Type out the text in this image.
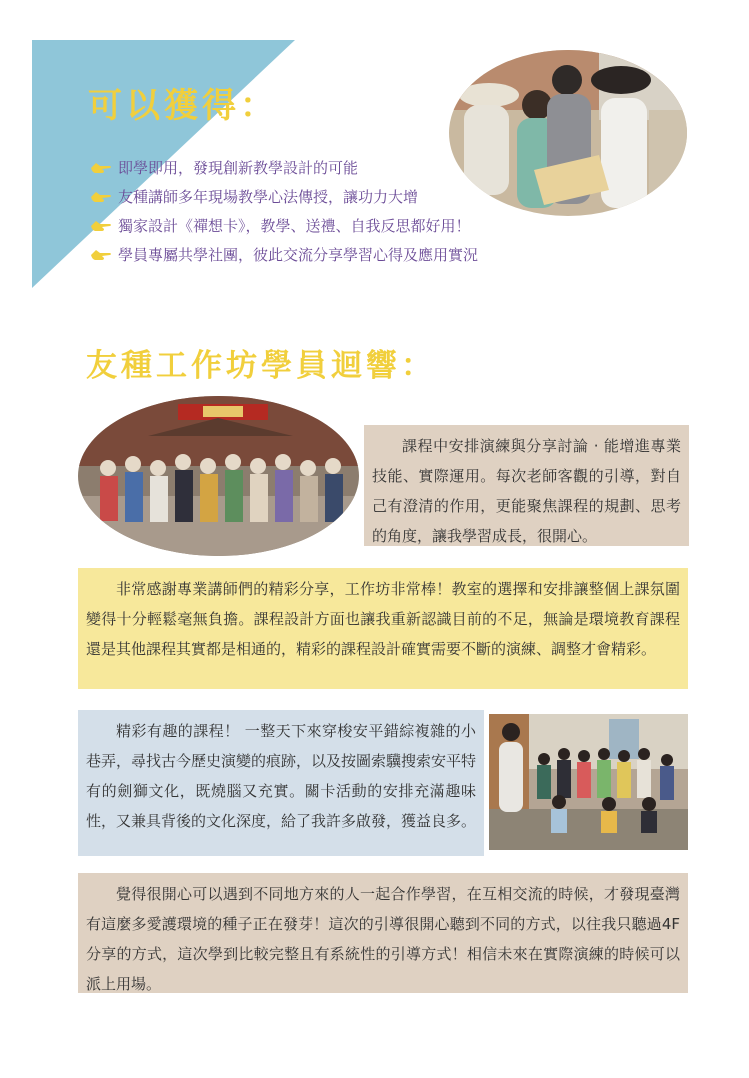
可以獲得：
即學即用，發現創新教學設計的可能
友種講師多年現場教學心法傳授，讓功力大增
獨家設計《禪想卡》，教學、送禮、自我反思都好用！
學員專屬共學社團，彼此交流分享學習心得及應用實況
友種工作坊學員迴響：

課程中安排演練與分享討論 · 能增進專業技能、實際運用。每次老師客觀的引導，對自己有澄清的作用，更能聚焦課程的規劃、思考的角度，讓我學習成長，很開心。

非常感謝專業講師們的精彩分享，工作坊非常棒！教室的選擇和安排讓整個上課氛圍變得十分輕鬆毫無負擔。課程設計方面也讓我重新認識目前的不足，無論是環境教育課程還是其他課程其實都是相通的，精彩的課程設計確實需要不斷的演練、調整才會精彩。

精彩有趣的課程！ 一整天下來穿梭安平錯綜複雜的小巷弄，尋找古今歷史演變的痕跡，以及按圖索驥搜索安平特有的劍獅文化，既燒腦又充實。關卡活動的安排充滿趣味性，又兼具背後的文化深度，給了我許多啟發，獲益良多。

覺得很開心可以遇到不同地方來的人一起合作學習，在互相交流的時候，才發現臺灣有這麼多愛護環境的種子正在發芽！這次的引導很開心聽到不同的方式，以往我只聽過4F分享的方式，這次學到比較完整且有系統性的引導方式！相信未來在實際演練的時候可以派上用場。
